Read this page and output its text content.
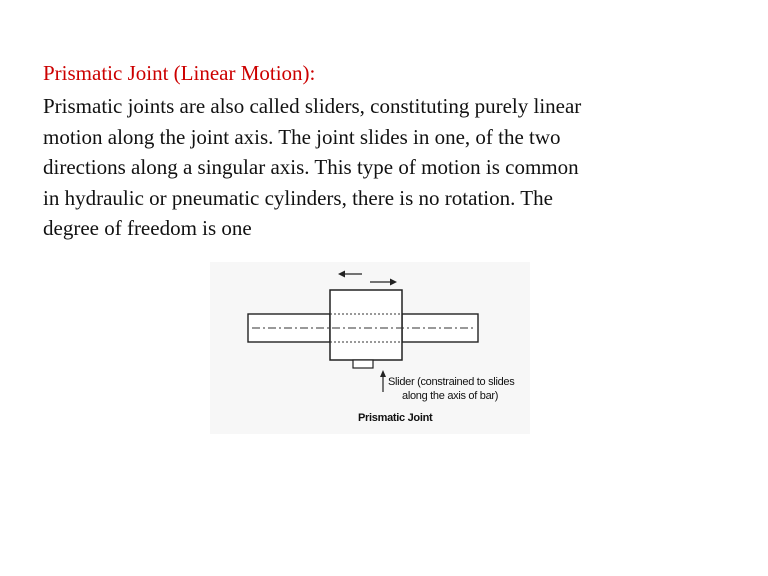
Prismatic Joint (Linear Motion):
Prismatic joints are also called sliders, constituting purely linear
motion along the joint axis. The joint slides in one, of the two
directions along a singular axis. This type of motion is common
in hydraulic or pneumatic cylinders, there is no rotation. The
degree of freedom is one
Slider (constrained to slides
along the axis of bar)
Prismatic Joint
